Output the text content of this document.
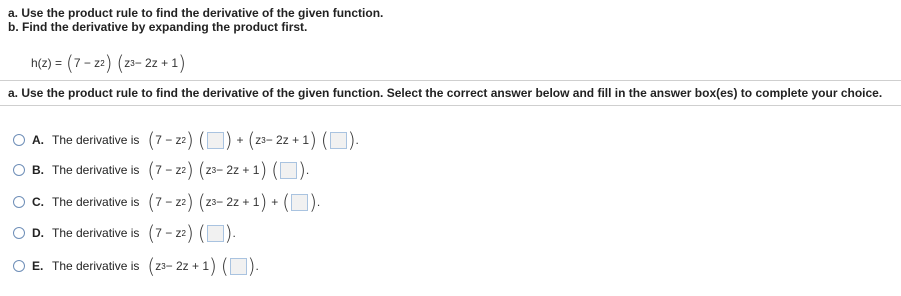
a. Use the product rule to find the derivative of the given function.
b. Find the derivative by expanding the product first.
h(z) = ( 7 − z 2 ) ( z 3 − 2z + 1 )
a. Use the product rule to find the derivative of the given function. Select the correct answer below and fill in the answer box(es) to complete your choice.
A. The derivative is ( 7 − z 2 ) ( ) + ( z 3 − 2z + 1 ) ( ) .
B. The derivative is ( 7 − z 2 ) ( z 3 − 2z + 1 ) ( ) .
C. The derivative is ( 7 − z 2 ) ( z 3 − 2z + 1 ) + ( ) .
D. The derivative is ( 7 − z 2 ) ( ) .
E. The derivative is ( z 3 − 2z + 1 ) ( ) .
